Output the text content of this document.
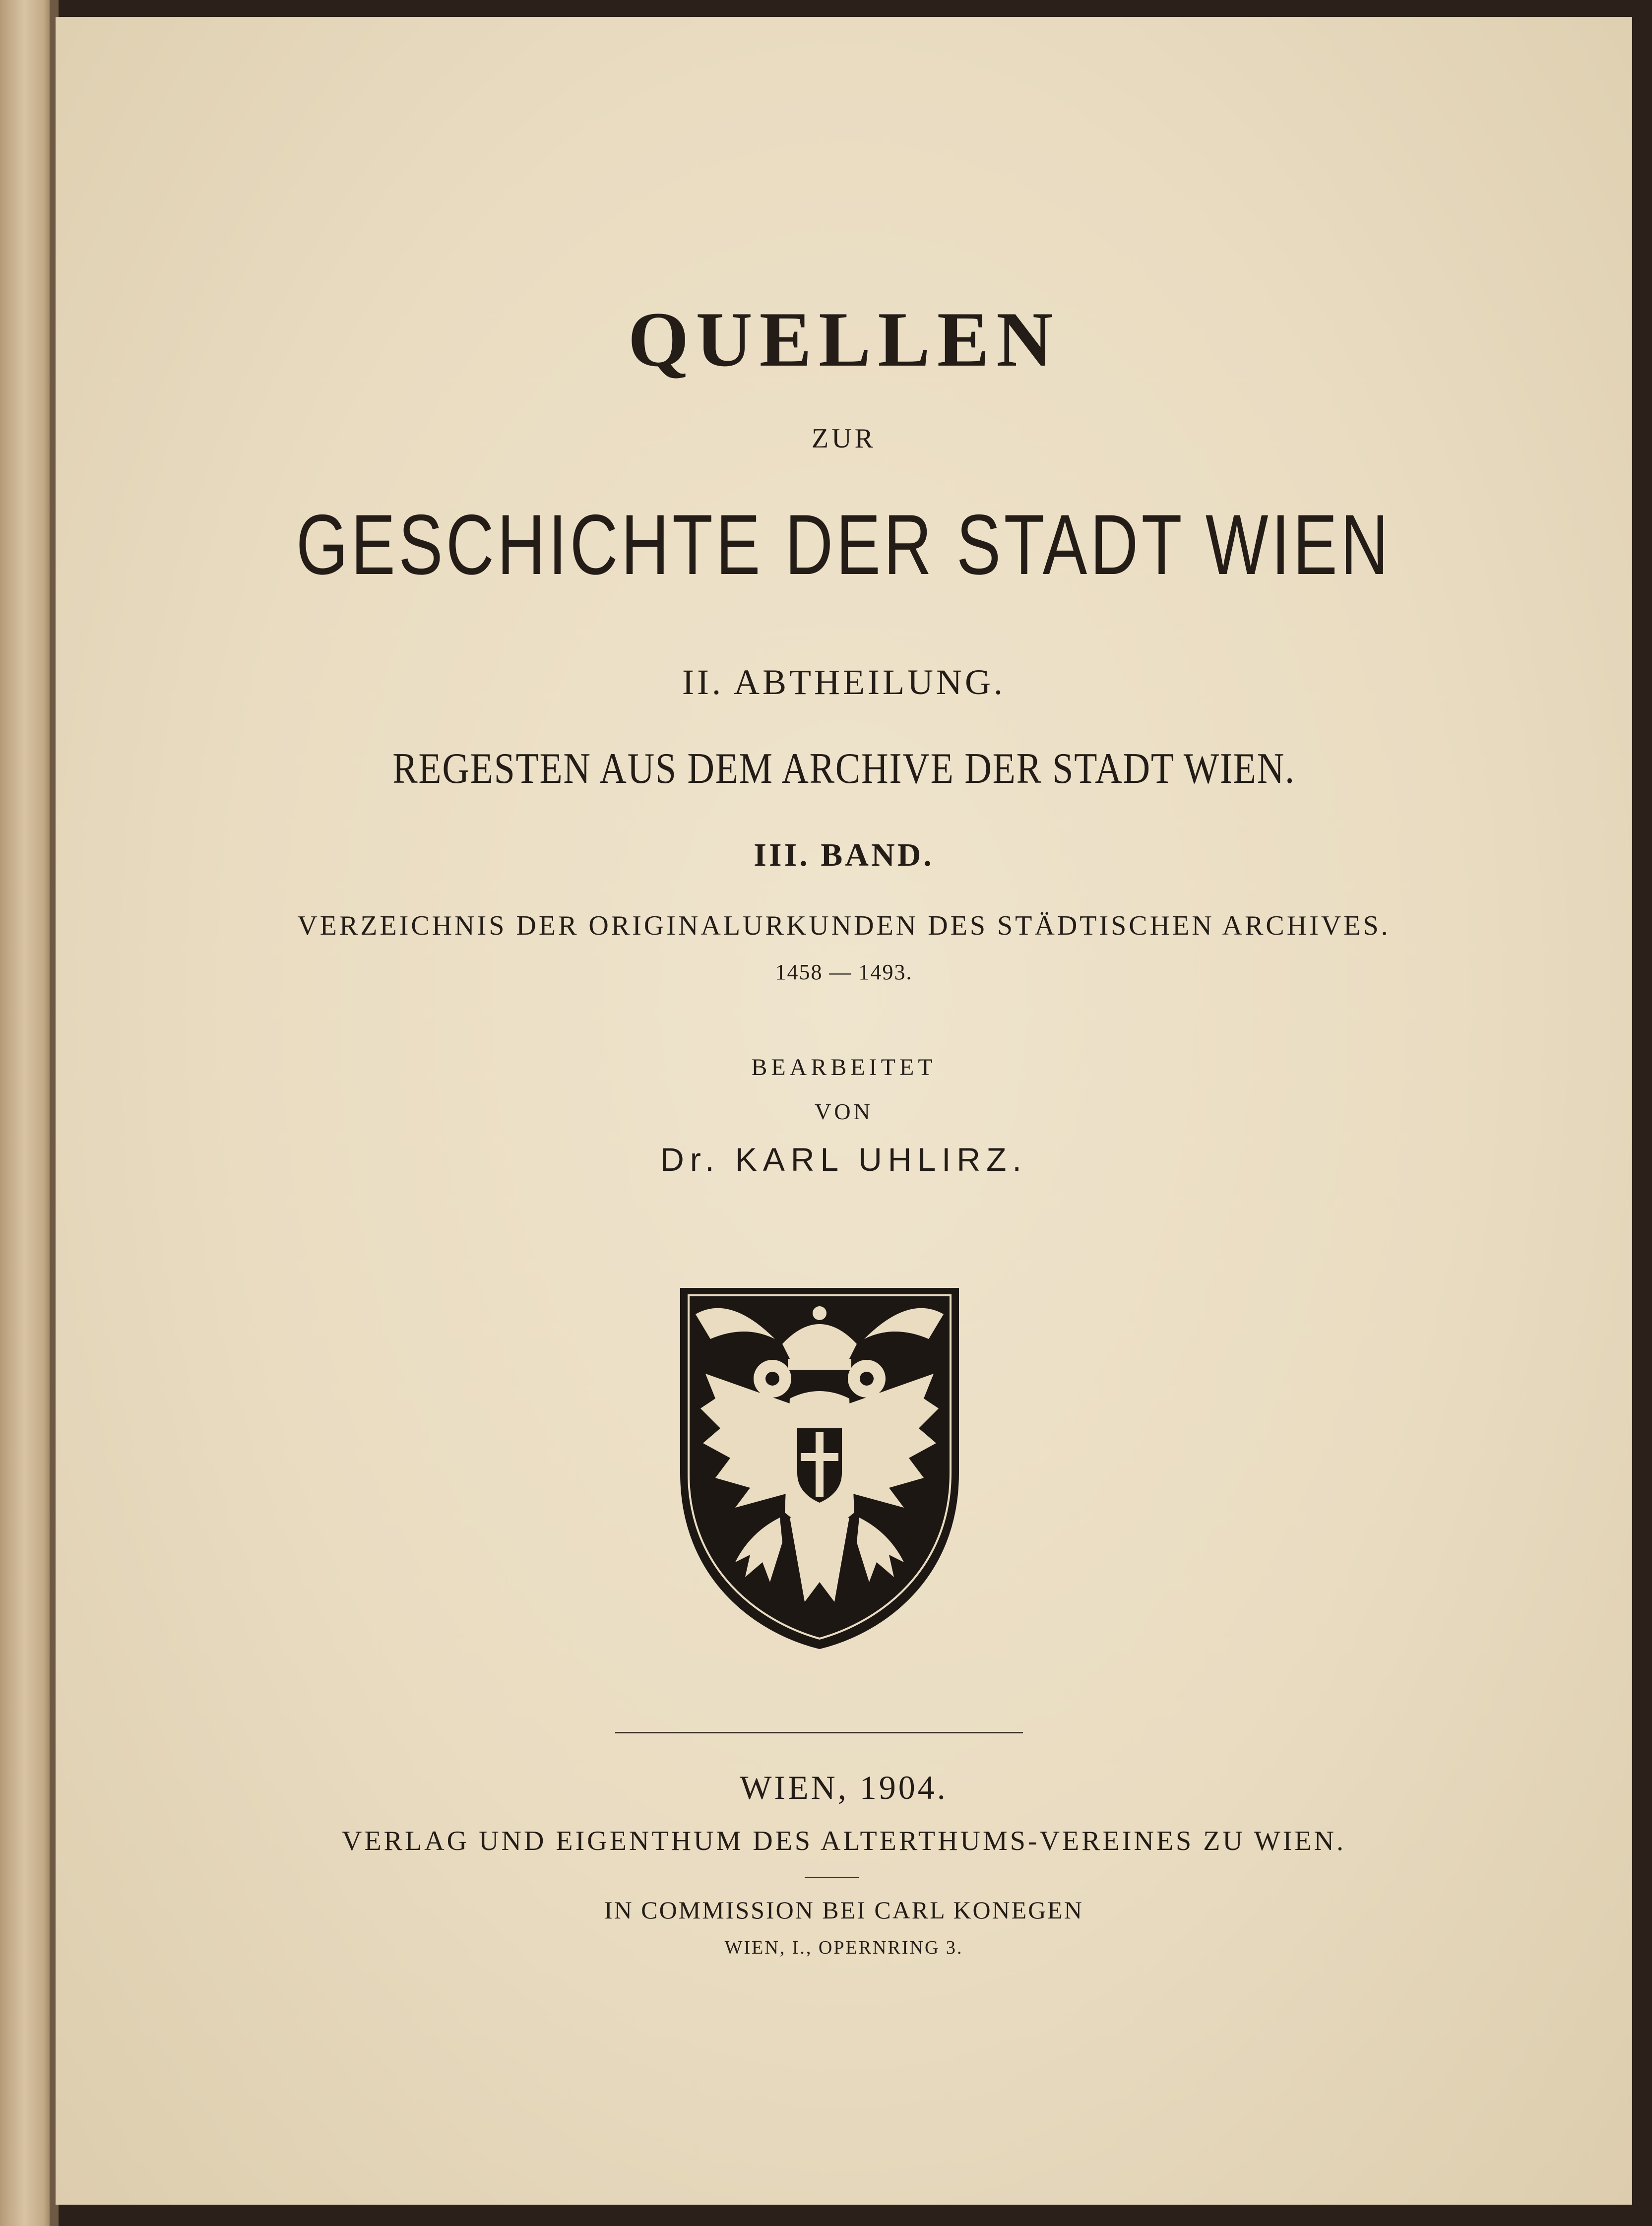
QUELLEN
ZUR
GESCHICHTE DER STADT WIEN
II. ABTHEILUNG.
REGESTEN AUS DEM ARCHIVE DER STADT WIEN.
III. BAND.
VERZEICHNIS DER ORIGINALURKUNDEN DES STÄDTISCHEN ARCHIVES.
1458 — 1493.
BEARBEITET
VON
Dr. KARL UHLIRZ.
WIEN, 1904.
VERLAG UND EIGENTHUM DES ALTERTHUMS-VEREINES ZU WIEN.
IN COMMISSION BEI CARL KONEGEN
WIEN, I., OPERNRING 3.
